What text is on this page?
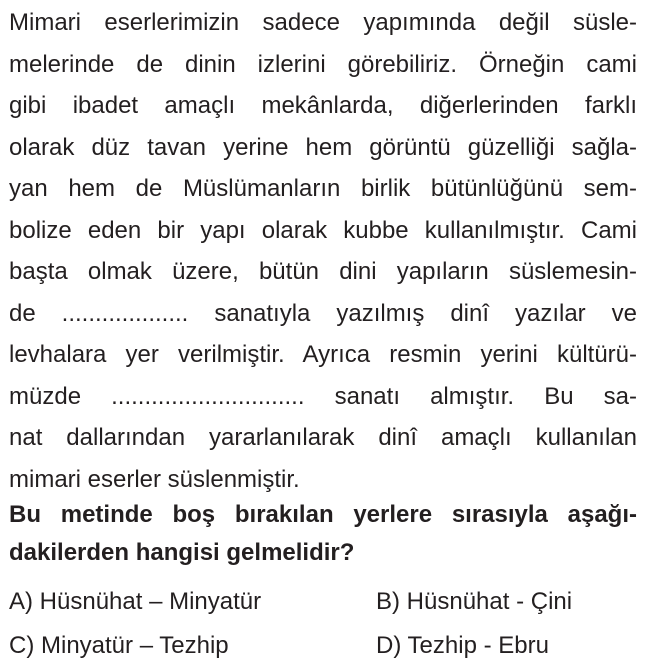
Mimari eserlerimizin sadece yapımında değil süsle-
melerinde de dinin izlerini görebiliriz. Örneğin cami
gibi ibadet amaçlı mekânlarda, diğerlerinden farklı
olarak düz tavan yerine hem görüntü güzelliği sağla-
yan hem de Müslümanların birlik bütünlüğünü sem-
bolize eden bir yapı olarak kubbe kullanılmıştır. Cami
başta olmak üzere, bütün dini yapıların süslemesin-
de ................... sanatıyla yazılmış dinî yazılar ve
levhalara yer verilmiştir. Ayrıca resmin yerini kültürü-
müzde ............................. sanatı almıştır. Bu sa-
nat dallarından yararlanılarak dinî amaçlı kullanılan
mimari eserler süslenmiştir.
Bu metinde boş bırakılan yerlere sırasıyla aşağı-
dakilerden hangisi gelmelidir?
A) Hüsnühat – Minyatür	B) Hüsnühat - Çini
C) Minyatür – Tezhip	D) Tezhip - Ebru
